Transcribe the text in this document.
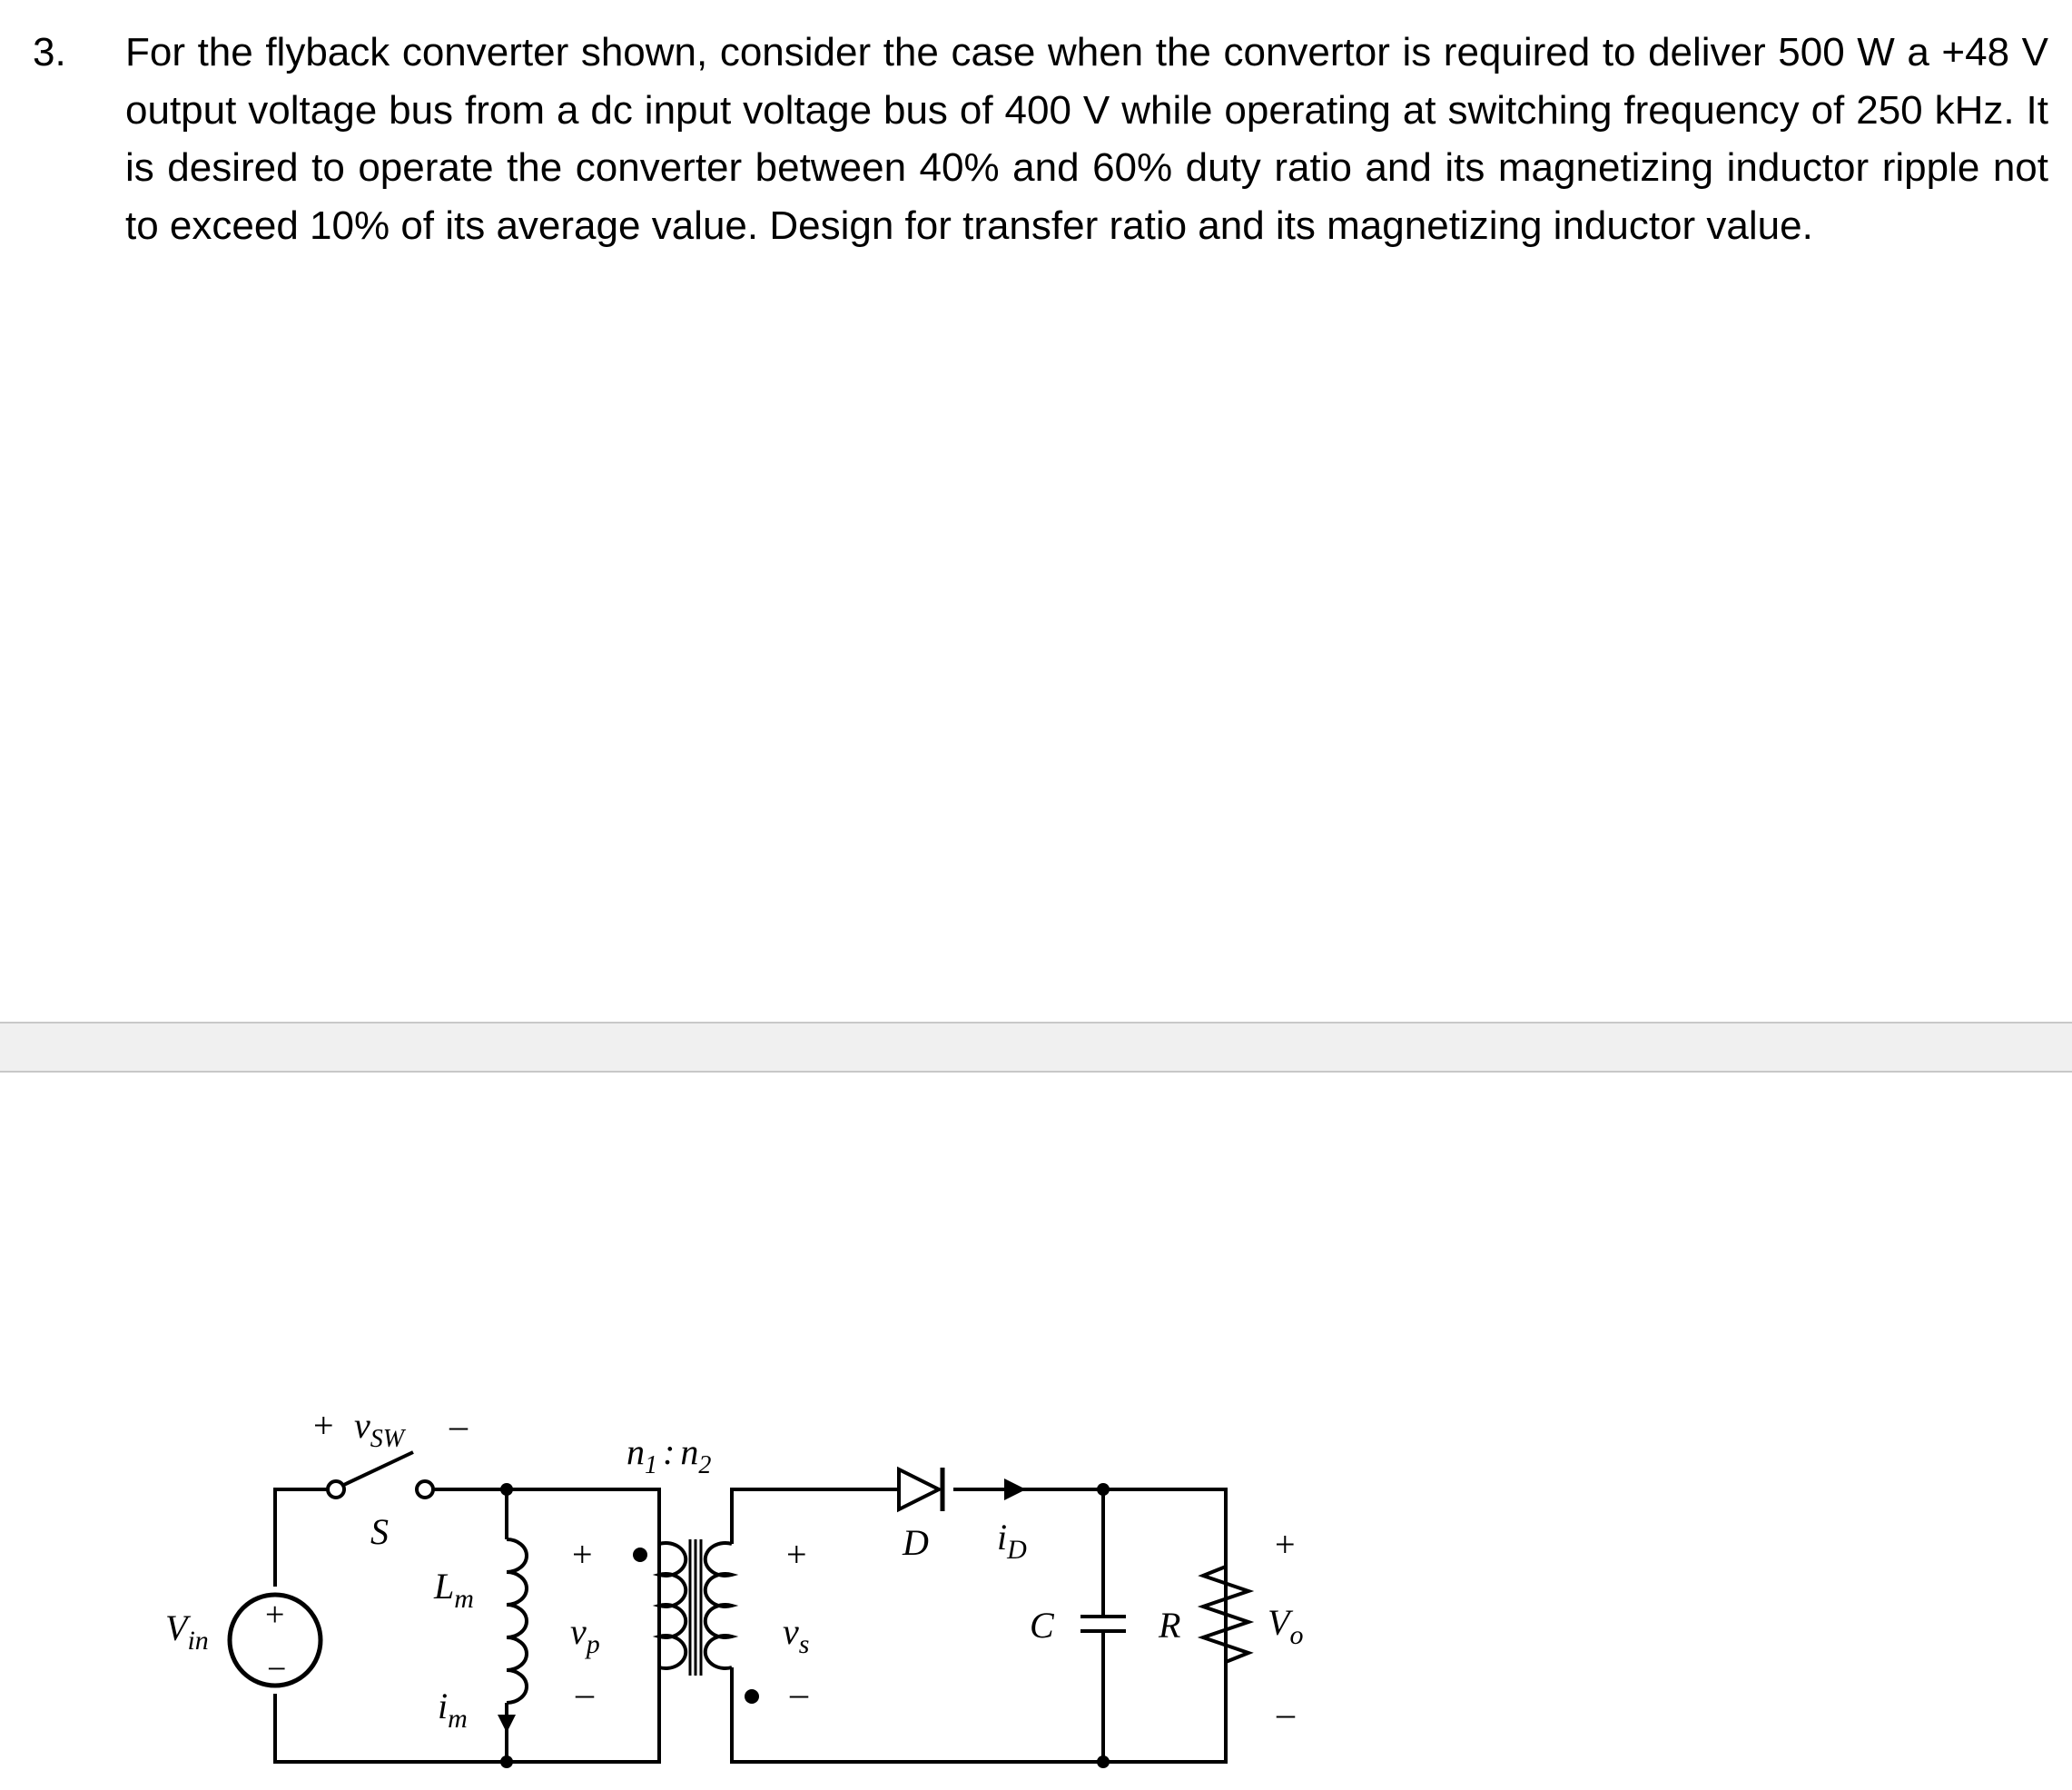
3. For the flyback converter shown, consider the case when the convertor is required to deliver 500 W a +48 V output voltage bus from a dc input voltage bus of 400 V while operating at switching frequency of 250 kHz. It is desired to operate the converter between 40% and 60% duty ratio and its magnetizing inductor ripple not to exceed 10% of its average value. Design for transfer ratio and its magnetizing inductor value.
$V_{in}$
+
−
+ $v_{SW}$ –
S
$L_m$
$i_m$
+
$v_p$
–
$n_1$ : $n_2$
+
$v_s$
–
D $i_D$
C	R
+
$V_o$
–
